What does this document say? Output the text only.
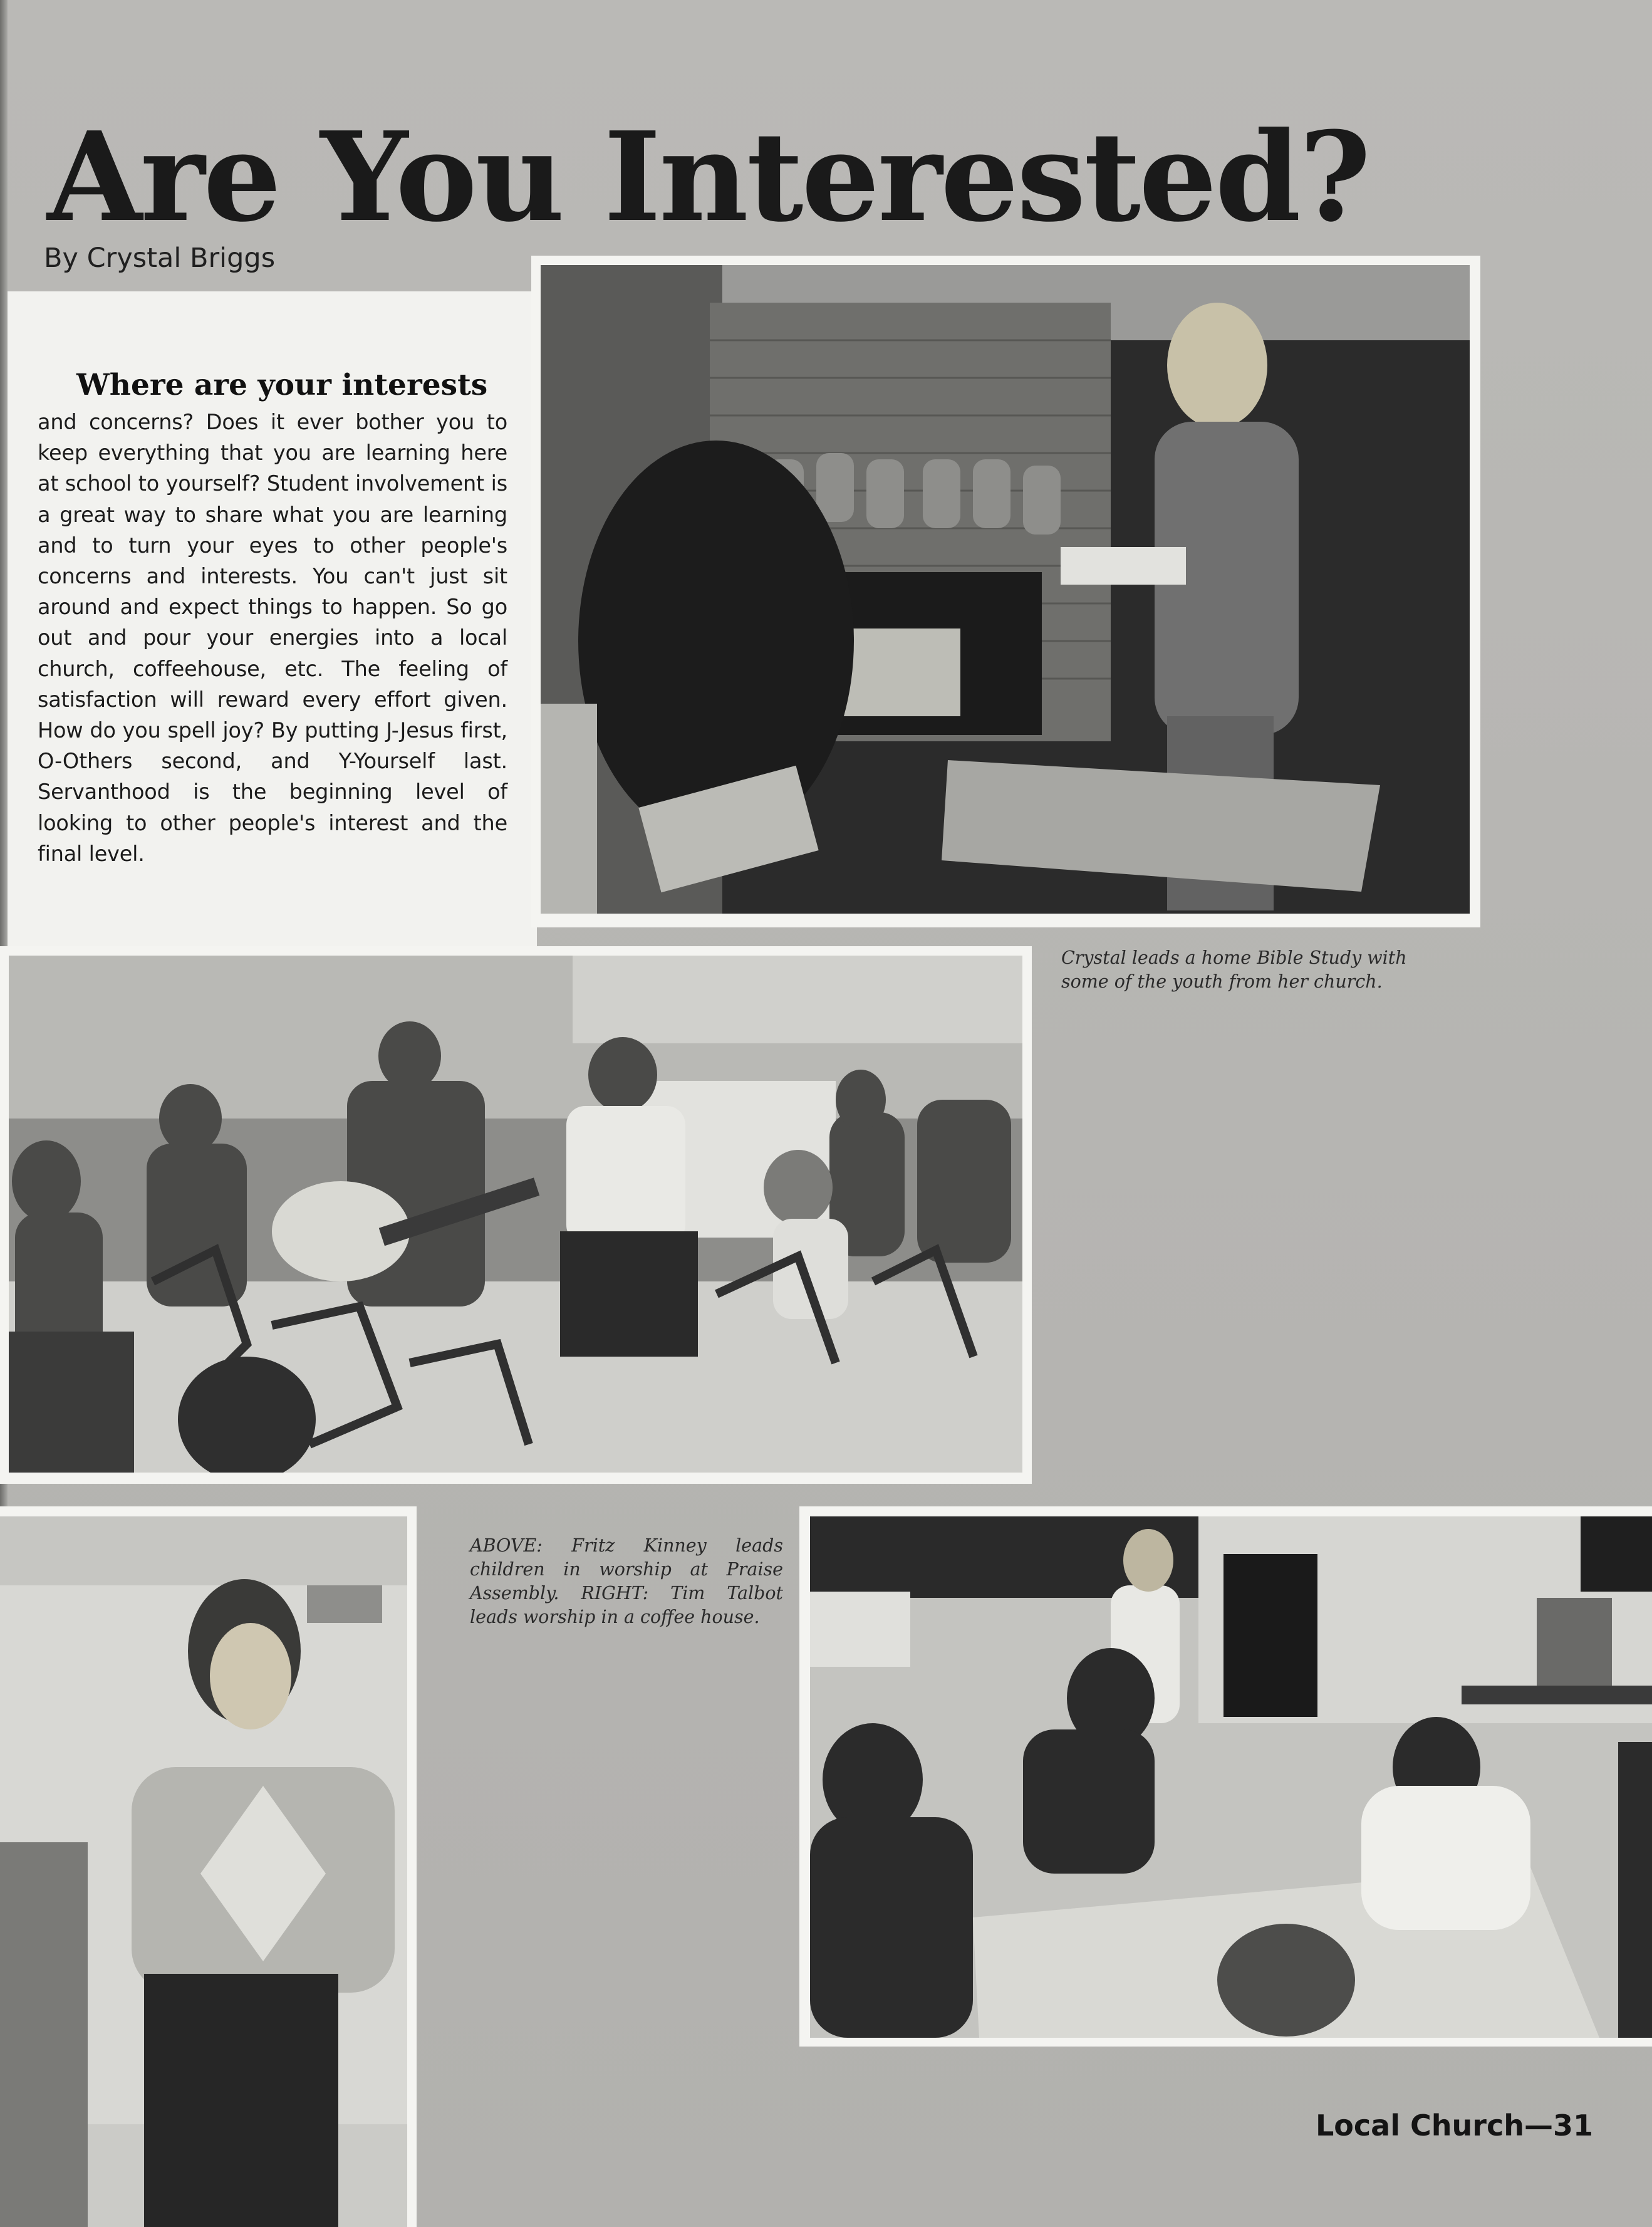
Are You Interested?
By Crystal Briggs
Where are your interests
and concerns? Does it ever bother you to keep everything that you are learning here at school to yourself? Student involvement is a great way to share what you are learning and to turn your eyes to other people's concerns and interests. You can't just sit around and expect things to happen. So go out and pour your energies into a local church, coffeehouse, etc. The feeling of satisfaction will reward every effort given. How do you spell joy? By putting J-Jesus first, O-Others second, and Y-Yourself last. Servanthood is the beginning level of looking to other people's interest and the final level.
Crystal leads a home Bible Study with some of the youth from her church.
ABOVE: Fritz Kinney leads children in worship at Praise Assembly. RIGHT: Tim Talbot leads worship in a coffee house.
Local Church—31
